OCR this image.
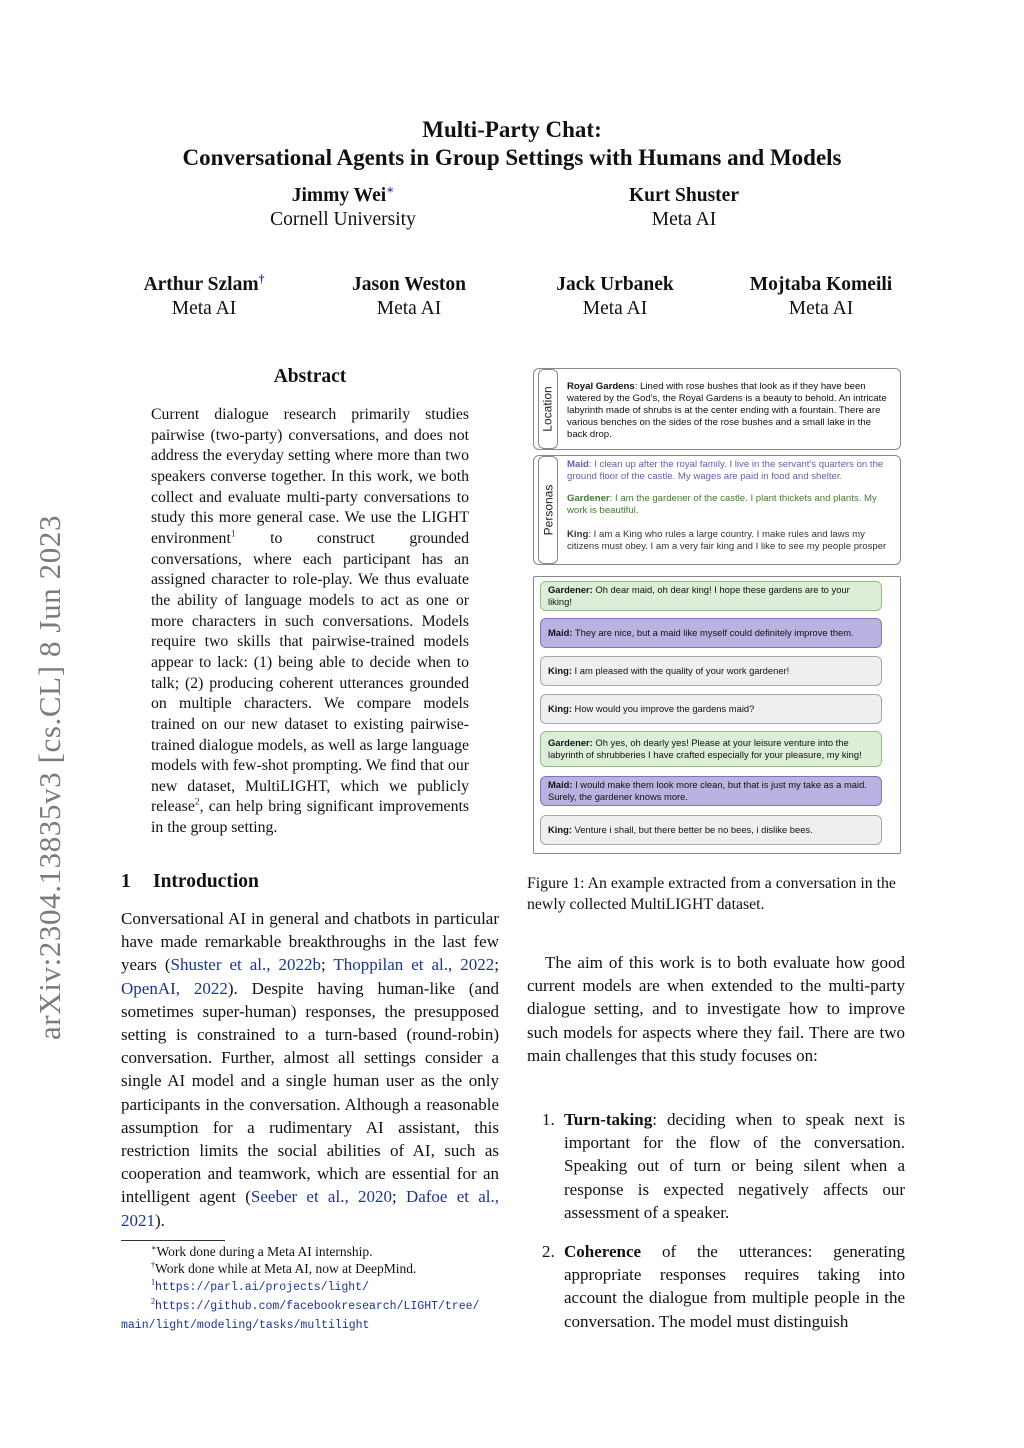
arXiv:2304.13835v3 [cs.CL] 8 Jun 2023
Multi-Party Chat:
Conversational Agents in Group Settings with Humans and Models
Jimmy Wei∗
Cornell University
Kurt Shuster
Meta AI
Arthur Szlam†
Meta AI
Jason Weston
Meta AI
Jack Urbanek
Meta AI
Mojtaba Komeili
Meta AI
Abstract
Current dialogue research primarily studies pairwise (two-party) conversations, and does not address the everyday setting where more than two speakers converse together. In this work, we both collect and evaluate multi-party conversations to study this more general case. We use the LIGHT environment$^1$ to construct grounded conversations, where each participant has an assigned character to role-play. We thus evaluate the ability of language models to act as one or more characters in such conversations. Models require two skills that pairwise-trained models appear to lack: (1) being able to decide when to talk; (2) producing coherent utterances grounded on multiple characters. We compare models trained on our new dataset to existing pairwise-trained dialogue models, as well as large language models with few-shot prompting. We find that our new dataset, MultiLIGHT, which we publicly release$^2$, can help bring significant improvements in the group setting.
1 Introduction
Conversational AI in general and chatbots in particular have made remarkable breakthroughs in the last few years (Shuster et al., 2022b; Thoppilan et al., 2022; OpenAI, 2022). Despite having human-like (and sometimes super-human) responses, the presupposed setting is constrained to a turn-based (round-robin) conversation. Further, almost all settings consider a single AI model and a single human user as the only participants in the conversation. Although a reasonable assumption for a rudimentary AI assistant, this restriction limits the social abilities of AI, such as cooperation and teamwork, which are essential for an intelligent agent (Seeber et al., 2020; Dafoe et al., 2021).
∗Work done during a Meta AI internship.
†Work done while at Meta AI, now at DeepMind.
$^1$https://parl.ai/projects/light/
$^2$https://github.com/facebookresearch/LIGHT/tree/
main/light/modeling/tasks/multilight
Location Royal Gardens: Lined with rose bushes that look as if they have been watered by the God's, the Royal Gardens is a beauty to behold. An intricate labyrinth made of shrubs is at the center ending with a fountain. There are various benches on the sides of the rose bushes and a small lake in the back drop.
Personas
Maid: I clean up after the royal family. I live in the servant's quarters on the ground floor of the castle. My wages are paid in food and shelter.
Gardener: I am the gardener of the castle. I plant thickets and plants. My work is beautiful.
King: I am a King who rules a large country. I make rules and laws my citizens must obey. I am a very fair king and I like to see my people prosper
Gardener: Oh dear maid, oh dear king! I hope these gardens are to your liking!
Maid: They are nice, but a maid like myself could definitely improve them.
King: I am pleased with the quality of your work gardener!
King: How would you improve the gardens maid?
Gardener: Oh yes, oh dearly yes! Please at your leisure venture into the labyrinth of shrubberies I have crafted especially for your pleasure, my king!
Maid: I would make them look more clean, but that is just my take as a maid. Surely, the gardener knows more.
King: Venture i shall, but there better be no bees, i dislike bees.
Figure 1: An example extracted from a conversation in the newly collected MultiLIGHT dataset.

The aim of this work is to both evaluate how good current models are when extended to the multi-party dialogue setting, and to investigate how to improve such models for aspects where they fail. There are two main challenges that this study focuses on:

1. Turn-taking: deciding when to speak next is important for the flow of the conversation. Speaking out of turn or being silent when a response is expected negatively affects our assessment of a speaker.
2. Coherence of the utterances: generating appropriate responses requires taking into account the dialogue from multiple people in the conversation. The model must distinguish
